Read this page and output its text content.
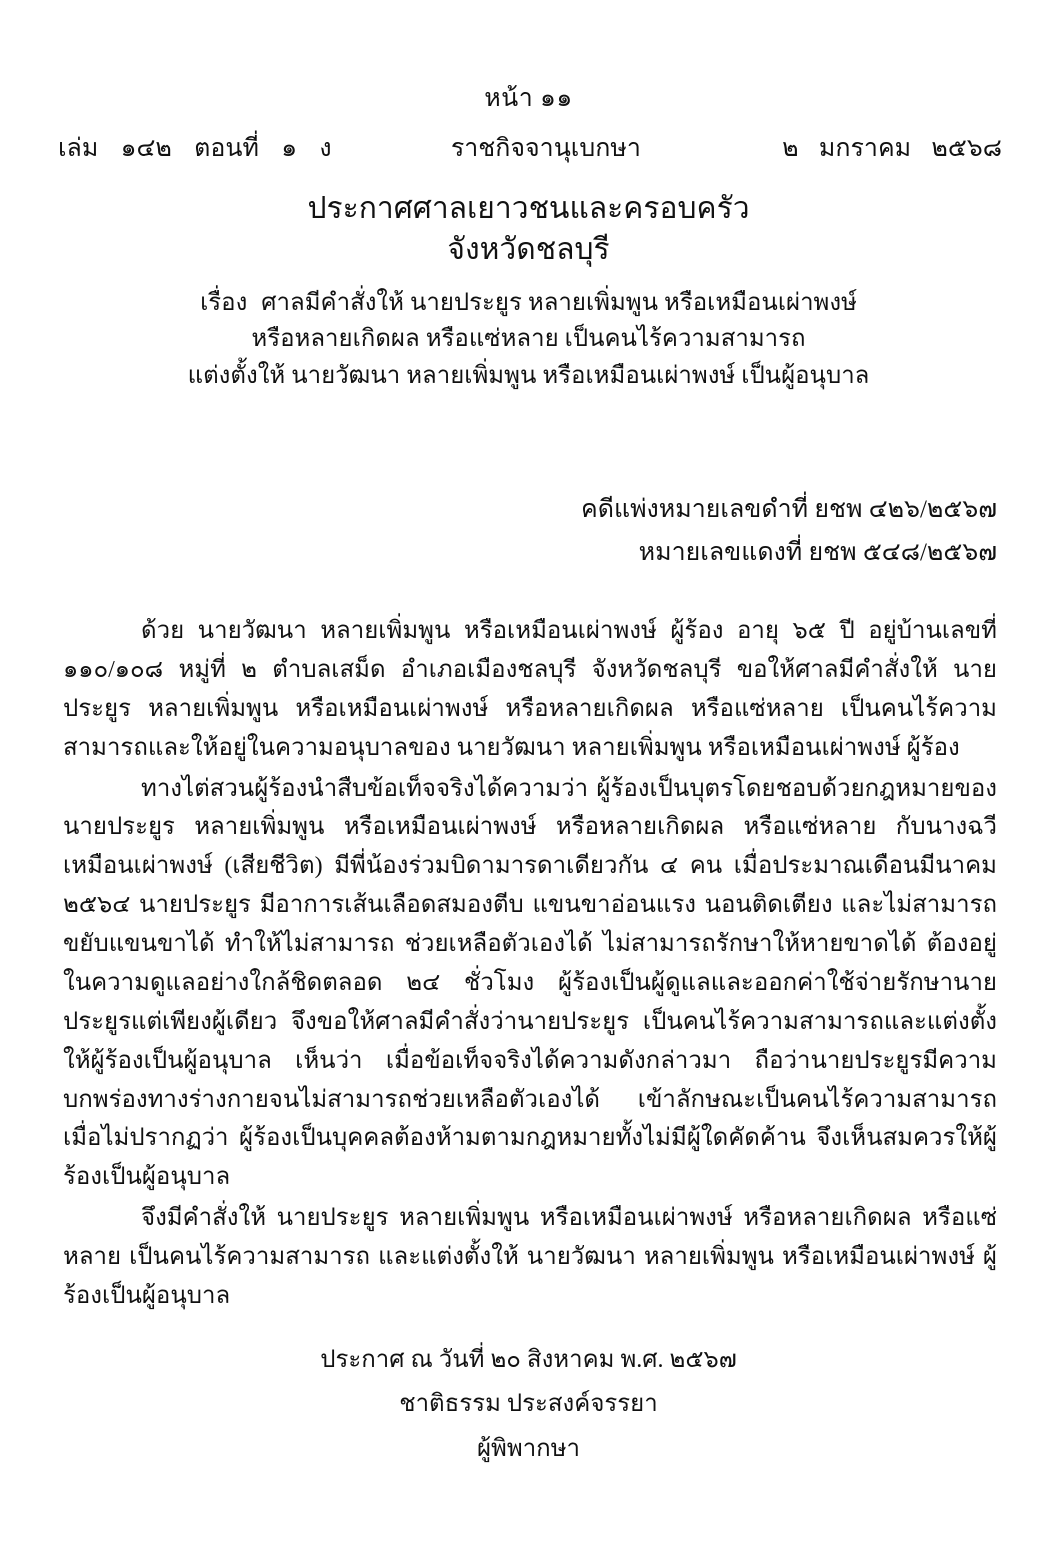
หน้า ๑๑
เล่ม ๑๔๒ ตอนที่ ๑ ง	ราชกิจจานุเบกษา	๒ มกราคม ๒๕๖๘
ประกาศศาลเยาวชนและครอบครัว
จังหวัดชลบุรี
เรื่อง ศาลมีคำสั่งให้ นายประยูร หลายเพิ่มพูน หรือเหมือนเผ่าพงษ์
หรือหลายเกิดผล หรือแซ่หลาย เป็นคนไร้ความสามารถ
แต่งตั้งให้ นายวัฒนา หลายเพิ่มพูน หรือเหมือนเผ่าพงษ์ เป็นผู้อนุบาล
คดีแพ่งหมายเลขดำที่ ยชพ ๔๒๖/๒๕๖๗
หมายเลขแดงที่ ยชพ ๕๔๘/๒๕๖๗

ด้วย นายวัฒนา หลายเพิ่มพูน หรือเหมือนเผ่าพงษ์ ผู้ร้อง อายุ ๖๕ ปี อยู่บ้านเลขที่ ๑๑๐/๑๐๘ หมู่ที่ ๒ ตำบลเสม็ด อำเภอเมืองชลบุรี จังหวัดชลบุรี ขอให้ศาลมีคำสั่งให้ นายประยูร หลายเพิ่มพูน หรือเหมือนเผ่าพงษ์ หรือหลายเกิดผล หรือแซ่หลาย เป็นคนไร้ความสามารถและให้อยู่ในความอนุบาลของ นายวัฒนา หลายเพิ่มพูน หรือเหมือนเผ่าพงษ์ ผู้ร้อง

ทางไต่สวนผู้ร้องนำสืบข้อเท็จจริงได้ความว่า ผู้ร้องเป็นบุตรโดยชอบด้วยกฎหมายของ นายประยูร หลายเพิ่มพูน หรือเหมือนเผ่าพงษ์ หรือหลายเกิดผล หรือแซ่หลาย กับนางฉวี เหมือนเผ่าพงษ์ (เสียชีวิต) มีพี่น้องร่วมบิดามารดาเดียวกัน ๔ คน เมื่อประมาณเดือนมีนาคม ๒๕๖๔ นายประยูร มีอาการเส้นเลือดสมองตีบ แขนขาอ่อนแรง นอนติดเตียง และไม่สามารถขยับแขนขาได้ ทำให้ไม่สามารถ ช่วยเหลือตัวเองได้ ไม่สามารถรักษาให้หายขาดได้ ต้องอยู่ในความดูแลอย่างใกล้ชิดตลอด ๒๔ ชั่วโมง ผู้ร้องเป็นผู้ดูแลและออกค่าใช้จ่ายรักษานายประยูรแต่เพียงผู้เดียว จึงขอให้ศาลมีคำสั่งว่านายประยูร เป็นคนไร้ความสามารถและแต่งตั้งให้ผู้ร้องเป็นผู้อนุบาล เห็นว่า เมื่อข้อเท็จจริงได้ความดังกล่าวมา ถือว่านายประยูรมีความบกพร่องทางร่างกายจนไม่สามารถช่วยเหลือตัวเองได้ เข้าลักษณะเป็นคนไร้ความสามารถ เมื่อไม่ปรากฏว่า ผู้ร้องเป็นบุคคลต้องห้ามตามกฎหมายทั้งไม่มีผู้ใดคัดค้าน จึงเห็นสมควรให้ผู้ร้องเป็นผู้อนุบาล

จึงมีคำสั่งให้ นายประยูร หลายเพิ่มพูน หรือเหมือนเผ่าพงษ์ หรือหลายเกิดผล หรือแซ่หลาย เป็นคนไร้ความสามารถ และแต่งตั้งให้ นายวัฒนา หลายเพิ่มพูน หรือเหมือนเผ่าพงษ์ ผู้ร้องเป็นผู้อนุบาล

ประกาศ ณ วันที่ ๒๐ สิงหาคม พ.ศ. ๒๕๖๗
ชาติธรรม ประสงค์จรรยา
ผู้พิพากษา
